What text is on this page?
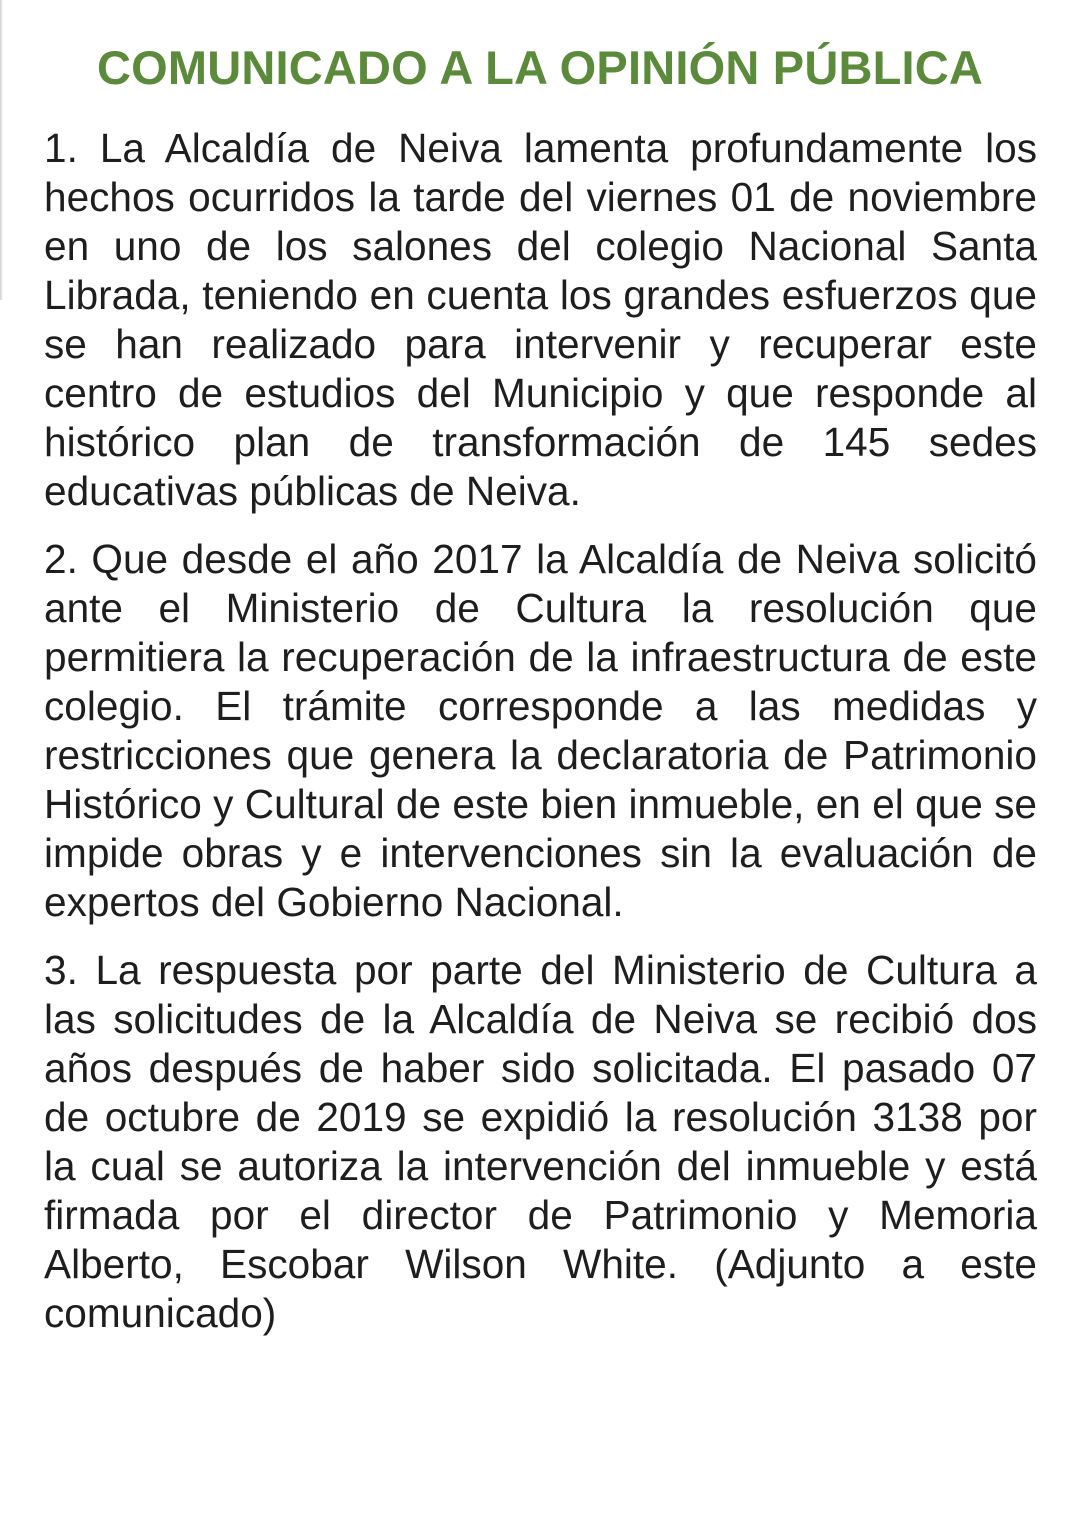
COMUNICADO A LA OPINIÓN PÚBLICA

1. La Alcaldía de Neiva lamenta profundamente los hechos ocurridos la tarde del viernes 01 de noviembre en uno de los salones del colegio Nacional Santa Librada, teniendo en cuenta los grandes esfuerzos que se han realizado para intervenir y recuperar este centro de estudios del Municipio y que responde al histórico plan de transformación de 145 sedes educativas públicas de Neiva.

2. Que desde el año 2017 la Alcaldía de Neiva solicitó ante el Ministerio de Cultura la resolución que permitiera la recuperación de la infraestructura de este colegio. El trámite corresponde a las medidas y restricciones que genera la declaratoria de Patrimonio Histórico y Cultural de este bien inmueble, en el que se impide obras y e intervenciones sin la evaluación de expertos del Gobierno Nacional.

3. La respuesta por parte del Ministerio de Cultura a las solicitudes de la Alcaldía de Neiva se recibió dos años después de haber sido solicitada. El pasado 07 de octubre de 2019 se expidió la resolución 3138 por la cual se autoriza la intervención del inmueble y está firmada por el director de Patrimonio y Memoria Alberto, Escobar Wilson White. (Adjunto a este comunicado)
